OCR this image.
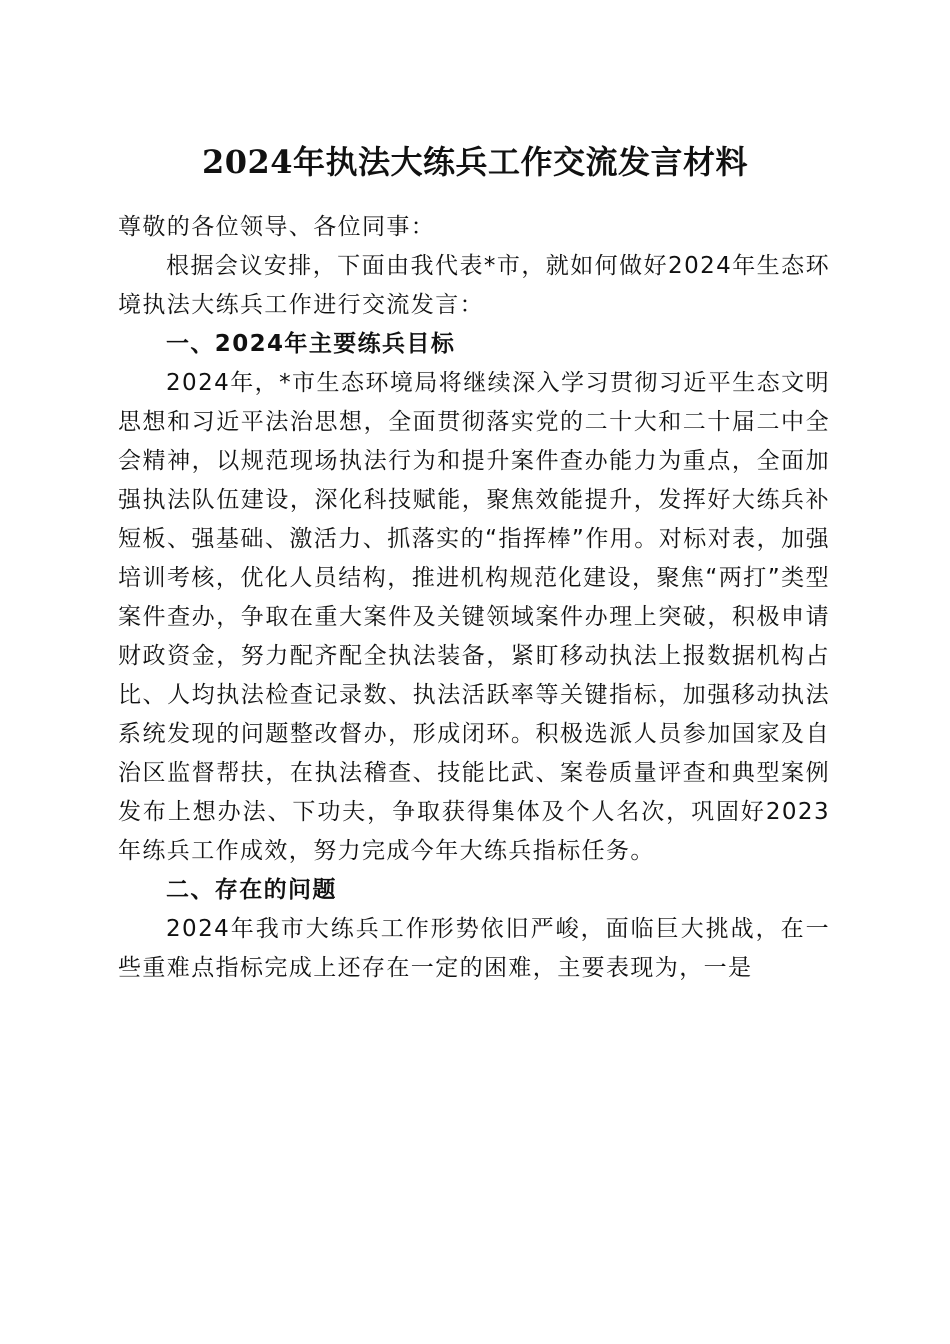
2024年执法大练兵工作交流发言材料

尊敬的各位领导、各位同事：

根据会议安排，下面由我代表*市，就如何做好2024年生态环境执法大练兵工作进行交流发言：

一、2024年主要练兵目标

2024年，*市生态环境局将继续深入学习贯彻习近平生态文明思想和习近平法治思想，全面贯彻落实党的二十大和二十届二中全会精神，以规范现场执法行为和提升案件查办能力为重点，全面加强执法队伍建设，深化科技赋能，聚焦效能提升，发挥好大练兵补短板、强基础、激活力、抓落实的“指挥棒”作用。对标对表，加强培训考核，优化人员结构，推进机构规范化建设，聚焦“两打”类型案件查办，争取在重大案件及关键领域案件办理上突破，积极申请财政资金，努力配齐配全执法装备，紧盯移动执法上报数据机构占比、人均执法检查记录数、执法活跃率等关键指标，加强移动执法系统发现的问题整改督办，形成闭环。积极选派人员参加国家及自治区监督帮扶，在执法稽查、技能比武、案卷质量评查和典型案例发布上想办法、下功夫，争取获得集体及个人名次，巩固好2023年练兵工作成效，努力完成今年大练兵指标任务。

二、存在的问题

2024年我市大练兵工作形势依旧严峻，面临巨大挑战，在一些重难点指标完成上还存在一定的困难，主要表现为，一是
